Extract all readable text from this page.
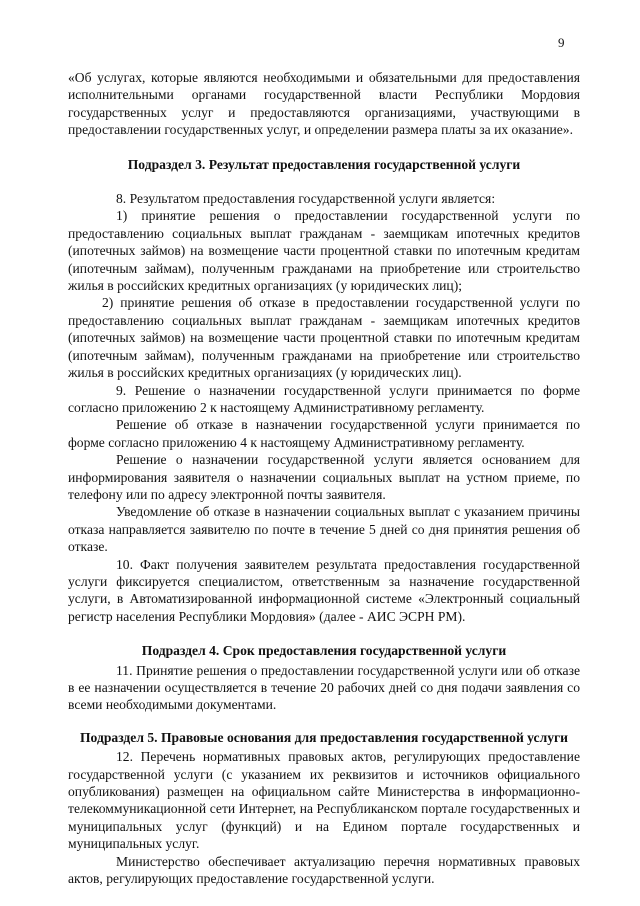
9

«Об услугах, которые являются необходимыми и обязательными для предоставления исполнительными органами государственной власти Республики Мордовия государственных услуг и предоставляются организациями, участвующими в предоставлении государственных услуг, и определении размера платы за их оказание».

Подраздел 3. Результат предоставления государственной услуги

8. Результатом предоставления государственной услуги является:

1) принятие решения о предоставлении государственной услуги по предоставлению социальных выплат гражданам - заемщикам ипотечных кредитов (ипотечных займов) на возмещение части процентной ставки по ипотечным кредитам (ипотечным займам), полученным гражданами на приобретение или строительство жилья в российских кредитных организациях (у юридических лиц);

2) принятие решения об отказе в предоставлении государственной услуги по предоставлению социальных выплат гражданам - заемщикам ипотечных кредитов (ипотечных займов) на возмещение части процентной ставки по ипотечным кредитам (ипотечным займам), полученным гражданами на приобретение или строительство жилья в российских кредитных организациях (у юридических лиц).

9. Решение о назначении государственной услуги принимается по форме согласно приложению 2 к настоящему Административному регламенту.

Решение об отказе в назначении государственной услуги принимается по форме согласно приложению 4 к настоящему Административному регламенту.

Решение о назначении государственной услуги является основанием для информирования заявителя о назначении социальных выплат на устном приеме, по телефону или по адресу электронной почты заявителя.

Уведомление об отказе в назначении социальных выплат с указанием причины отказа направляется заявителю по почте в течение 5 дней со дня принятия решения об отказе.

10. Факт получения заявителем результата предоставления государственной услуги фиксируется специалистом, ответственным за назначение государственной услуги, в Автоматизированной информационной системе «Электронный социальный регистр населения Республики Мордовия» (далее - АИС ЭСРН РМ).

Подраздел 4. Срок предоставления государственной услуги

11. Принятие решения о предоставлении государственной услуги или об отказе в ее назначении осуществляется в течение 20 рабочих дней со дня подачи заявления со всеми необходимыми документами.

Подраздел 5. Правовые основания для предоставления государственной услуги

12. Перечень нормативных правовых актов, регулирующих предоставление государственной услуги (с указанием их реквизитов и источников официального опубликования) размещен на официальном сайте Министерства в информационно-телекоммуникационной сети Интернет, на Республиканском портале государственных и муниципальных услуг (функций) и на Едином портале государственных и муниципальных услуг.

Министерство обеспечивает актуализацию перечня нормативных правовых актов, регулирующих предоставление государственной услуги.
